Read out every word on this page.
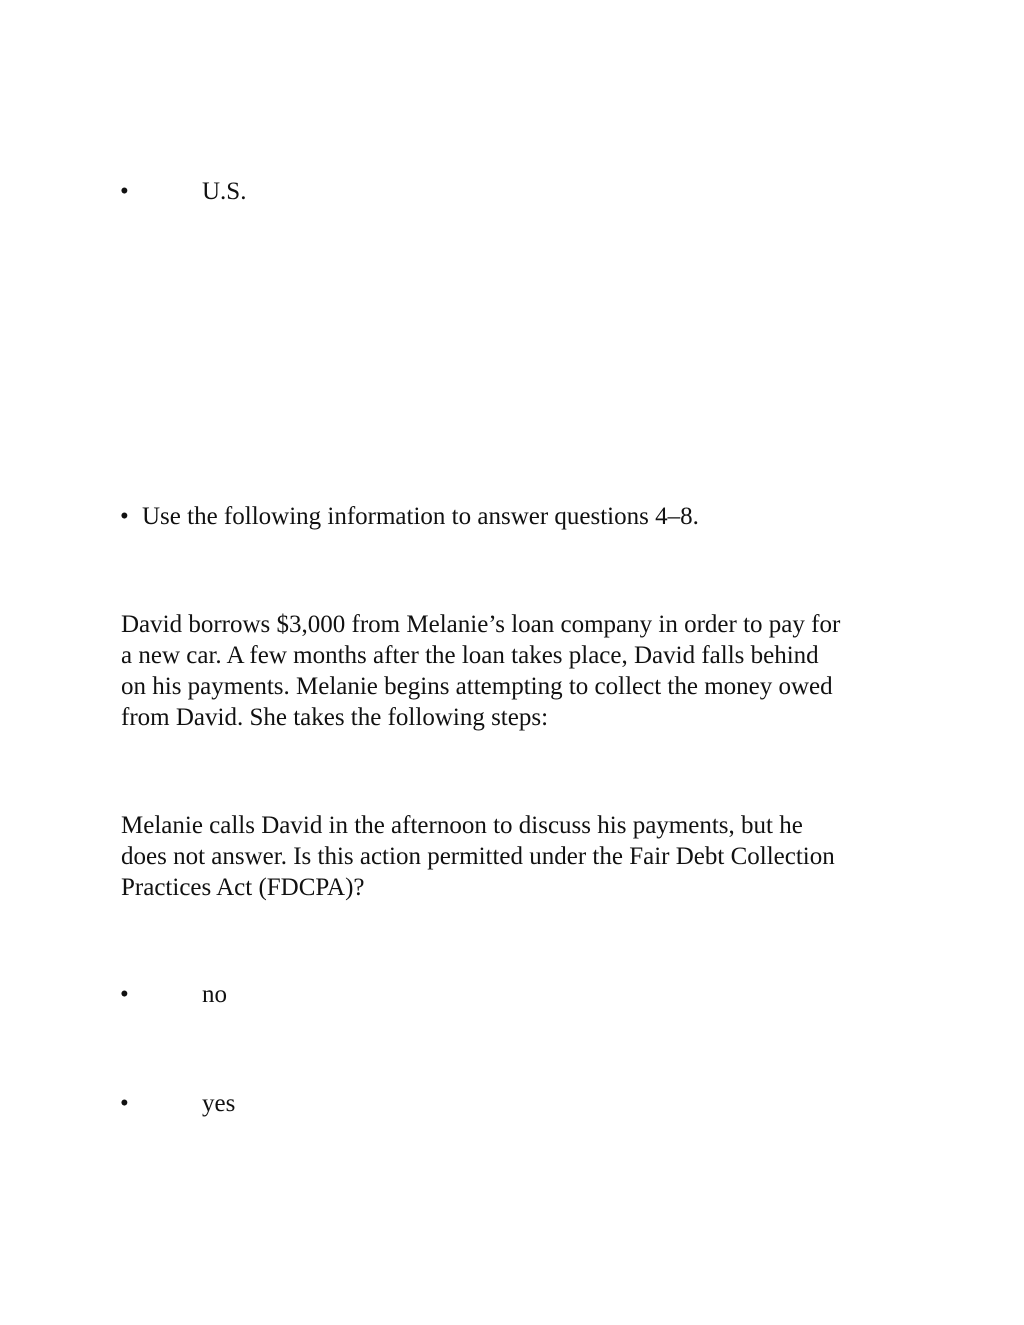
•	U.S.
• Use the following information to answer questions 4–8.

David borrows $3,000 from Melanie’s loan company in order to pay for
a new car. A few months after the loan takes place, David falls behind
on his payments. Melanie begins attempting to collect the money owed
from David. She takes the following steps:

Melanie calls David in the afternoon to discuss his payments, but he
does not answer. Is this action permitted under the Fair Debt Collection
Practices Act (FDCPA)?

•	no
•	yes
